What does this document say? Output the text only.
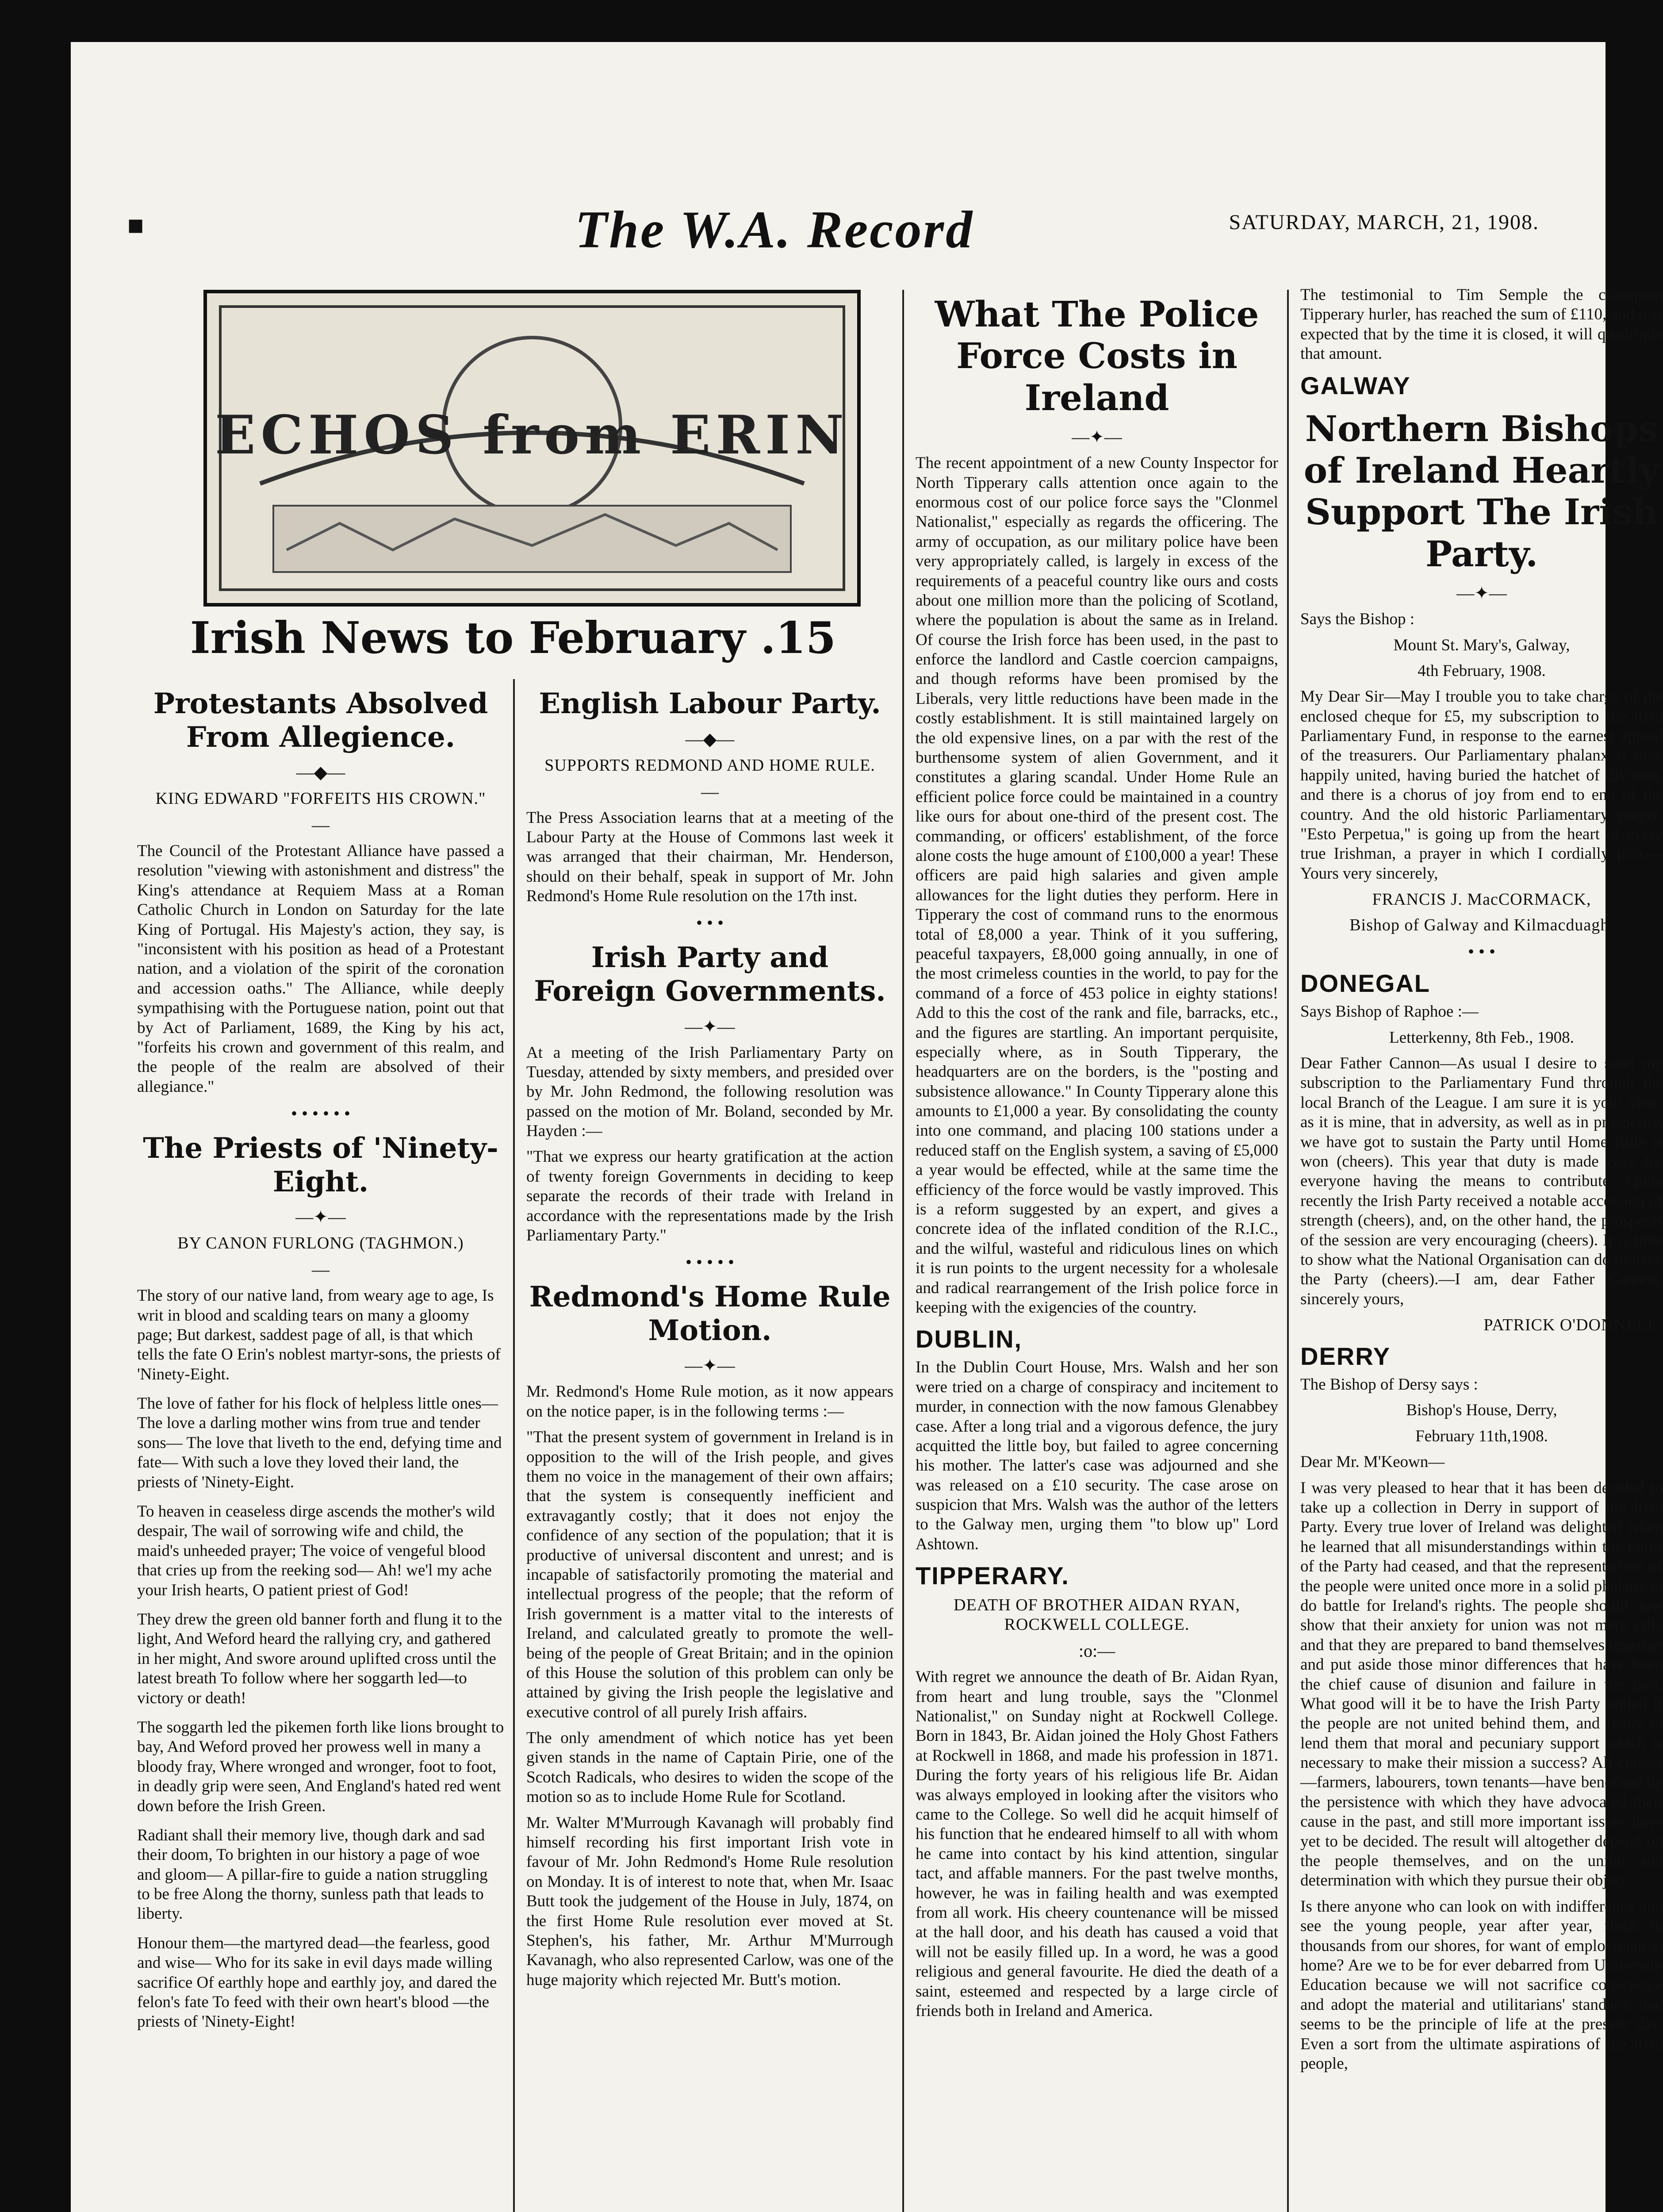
■	The W.A. Record	SATURDAY, MARCH, 21, 1908.
ECHOS from ERIN
Irish News to February .15
Protestants Absolved From Allegience.
―◆―
KING EDWARD "FORFEITS HIS CROWN."
—

The Council of the Protestant Alliance have passed a resolution "viewing with astonishment and distress" the King's attendance at Requiem Mass at a Roman Catholic Church in London on Saturday for the late King of Portugal. His Majesty's action, they say, is "inconsistent with his position as head of a Protestant nation, and a violation of the spirit of the coronation and accession oaths." The Alliance, while deeply sympathising with the Portuguese nation, point out that by Act of Parliament, 1689, the King by his act, "forfeits his crown and government of this realm, and the people of the realm are absolved of their allegiance."

• • • • • •
The Priests of 'Ninety-Eight.
―✦―
BY CANON FURLONG (TAGHMON.)
—

The story of our native land, from weary age to age, Is writ in blood and scalding tears on many a gloomy page; But darkest, saddest page of all, is that which tells the fate O Erin's noblest martyr-sons, the priests of 'Ninety-Eight.

The love of father for his flock of helpless little ones— The love a darling mother wins from true and tender sons— The love that liveth to the end, defying time and fate— With such a love they loved their land, the priests of 'Ninety-Eight.

To heaven in ceaseless dirge ascends the mother's wild despair, The wail of sorrowing wife and child, the maid's unheeded prayer; The voice of vengeful blood that cries up from the reeking sod— Ah! we'l my ache your Irish hearts, O patient priest of God!

They drew the green old banner forth and flung it to the light, And Weford heard the rallying cry, and gathered in her might, And swore around uplifted cross until the latest breath To follow where her soggarth led—to victory or death!

The soggarth led the pikemen forth like lions brought to bay, And Weford proved her prowess well in many a bloody fray, Where wronged and wronger, foot to foot, in deadly grip were seen, And England's hated red went down before the Irish Green.

Radiant shall their memory live, though dark and sad their doom, To brighten in our history a page of woe and gloom— A pillar-fire to guide a nation struggling to be free Along the thorny, sunless path that leads to liberty.

Honour them—the martyred dead—the fearless, good and wise— Who for its sake in evil days made willing sacrifice Of earthly hope and earthly joy, and dared the felon's fate To feed with their own heart's blood —the priests of 'Ninety-Eight!

English Labour Party.
―◆―
SUPPORTS REDMOND AND HOME RULE.
—

The Press Association learns that at a meeting of the Labour Party at the House of Commons last week it was arranged that their chairman, Mr. Henderson, should on their behalf, speak in support of Mr. John Redmond's Home Rule resolution on the 17th inst.

• • •
Irish Party and Foreign Governments.
―✦―

At a meeting of the Irish Parliamentary Party on Tuesday, attended by sixty members, and presided over by Mr. John Redmond, the following resolution was passed on the motion of Mr. Boland, seconded by Mr. Hayden :—

"That we express our hearty gratification at the action of twenty foreign Governments in deciding to keep separate the records of their trade with Ireland in accordance with the representations made by the Irish Parliamentary Party."

• • • • •
Redmond's Home Rule Motion.
―✦―

Mr. Redmond's Home Rule motion, as it now appears on the notice paper, is in the following terms :—

"That the present system of government in Ireland is in opposition to the will of the Irish people, and gives them no voice in the management of their own affairs; that the system is consequently inefficient and extravagantly costly; that it does not enjoy the confidence of any section of the population; that it is productive of universal discontent and unrest; and is incapable of satisfactorily promoting the material and intellectual progress of the people; that the reform of Irish government is a matter vital to the interests of Ireland, and calculated greatly to promote the well-being of the people of Great Britain; and in the opinion of this House the solution of this problem can only be attained by giving the Irish people the legislative and executive control of all purely Irish affairs.

The only amendment of which notice has yet been given stands in the name of Captain Pirie, one of the Scotch Radicals, who desires to widen the scope of the motion so as to include Home Rule for Scotland.

Mr. Walter M'Murrough Kavanagh will probably find himself recording his first important Irish vote in favour of Mr. John Redmond's Home Rule resolution on Monday. It is of interest to note that, when Mr. Isaac Butt took the judgement of the House in July, 1874, on the first Home Rule resolution ever moved at St. Stephen's, his father, Mr. Arthur M'Murrough Kavanagh, who also represented Carlow, was one of the huge majority which rejected Mr. Butt's motion.

What The Police Force Costs in Ireland
―✦―

The recent appointment of a new County Inspector for North Tipperary calls attention once again to the enormous cost of our police force says the "Clonmel Nationalist," especially as regards the officering. The army of occupation, as our military police have been very appropriately called, is largely in excess of the requirements of a peaceful country like ours and costs about one million more than the policing of Scotland, where the population is about the same as in Ireland. Of course the Irish force has been used, in the past to enforce the landlord and Castle coercion campaigns, and though reforms have been promised by the Liberals, very little reductions have been made in the costly establishment. It is still maintained largely on the old expensive lines, on a par with the rest of the burthensome system of alien Government, and it constitutes a glaring scandal. Under Home Rule an efficient police force could be maintained in a country like ours for about one-third of the present cost. The commanding, or officers' establishment, of the force alone costs the huge amount of £100,000 a year! These officers are paid high salaries and given ample allowances for the light duties they perform. Here in Tipperary the cost of command runs to the enormous total of £8,000 a year. Think of it you suffering, peaceful taxpayers, £8,000 going annually, in one of the most crimeless counties in the world, to pay for the command of a force of 453 police in eighty stations! Add to this the cost of the rank and file, barracks, etc., and the figures are startling. An important perquisite, especially where, as in South Tipperary, the headquarters are on the borders, is the "posting and subsistence allowance." In County Tipperary alone this amounts to £1,000 a year. By consolidating the county into one command, and placing 100 stations under a reduced staff on the English system, a saving of £5,000 a year would be effected, while at the same time the efficiency of the force would be vastly improved. This is a reform suggested by an expert, and gives a concrete idea of the inflated condition of the R.I.C., and the wilful, wasteful and ridiculous lines on which it is run points to the urgent necessity for a wholesale and radical rearrangement of the Irish police force in keeping with the exigencies of the country.

DUBLIN,

In the Dublin Court House, Mrs. Walsh and her son were tried on a charge of conspiracy and incitement to murder, in connection with the now famous Glenabbey case. After a long trial and a vigorous defence, the jury acquitted the little boy, but failed to agree concerning his mother. The latter's case was adjourned and she was released on a £10 security. The case arose on suspicion that Mrs. Walsh was the author of the letters to the Galway men, urging them "to blow up" Lord Ashtown.

TIPPERARY.
DEATH OF BROTHER AIDAN RYAN, ROCKWELL COLLEGE.
:o:—

With regret we announce the death of Br. Aidan Ryan, from heart and lung trouble, says the "Clonmel Nationalist," on Sunday night at Rockwell College. Born in 1843, Br. Aidan joined the Holy Ghost Fathers at Rockwell in 1868, and made his profession in 1871. During the forty years of his religious life Br. Aidan was always employed in looking after the visitors who came to the College. So well did he acquit himself of his function that he endeared himself to all with whom he came into contact by his kind attention, singular tact, and affable manners. For the past twelve months, however, he was in failing health and was exempted from all work. His cheery countenance will be missed at the hall door, and his death has caused a void that will not be easily filled up. In a word, he was a good religious and general favourite. He died the death of a saint, esteemed and respected by a large circle of friends both in Ireland and America.

The testimonial to Tim Semple the champion Tipperary hurler, has reached the sum of £110, and it is expected that by the time it is closed, it will quadruple that amount.

GALWAY
Northern Bishops of Ireland Heartly Support The Irish Party.
―✦―

Says the Bishop :

Mount St. Mary's, Galway,

4th February, 1908.

My Dear Sir—May I trouble you to take charge of the enclosed cheque for £5, my subscription to the Irish Parliamentary Fund, in response to the earnest appeal of the treasurers. Our Parliamentary phalanx is now happily united, having buried the hatchet of division, and there is a chorus of joy from end to end of the country. And the old historic Parliamentary prayer, "Esto Perpetua," is going up from the heart of every true Irishman, a prayer in which I cordially join.—Yours very sincerely,

FRANCIS J. MacCORMACK,
Bishop of Galway and Kilmacduagh.
• • •
DONEGAL

Says Bishop of Raphoe :—

Letterkenny, 8th Feb., 1908.

Dear Father Cannon—As usual I desire to send my subscription to the Parliamentary Fund through the local Branch of the League. I am sure it is your view, as it is mine, that in adversity, as well as in prosperity, we have got to sustain the Party until Home Rule is won (cheers). This year that duty is made easy for everyone having the means to contribute. Quite recently the Irish Party received a notable accession of strength (cheers), and, on the other hand, the prospects of the session are very encouraging (cheers). It is time to show what the National Organisation can do to back the Party (cheers).—I am, dear Father Cannon, sincerely yours,

PATRICK O'DONNELL.
DERRY

The Bishop of Dersy says :

Bishop's House, Derry,

February 11th,1908.

Dear Mr. M'Keown—

I was very pleased to hear that it has been decided to take up a collection in Derry in support of the Irish Party. Every true lover of Ireland was delighted when he learned that all misunderstandings within the ranks of the Party had ceased, and that the representatives of the people were united once more in a solid phalanx to do battle for Ireland's rights. The people should now show that their anxiety for union was not mere talk, and that they are prepared to band themselves together and put aside those minor differences that have been the chief cause of disunion and failure in the past. What good will it be to have the Irish Party united if the people are not united behind them, and ready to lend them that moral and pecuniary support which is necessary to make their mission a success? All classes—farmers, labourers, town tenants—have benefited by the persistence with which they have advocated their cause in the past, and still more important issues have yet to be decided. The result will altogether depend on the people themselves, and on the union and determination with which they pursue their object.

Is there anyone who can look on with indifference and see the young people, year after year, flock in thousands from our shores, for want of employment at home? Are we to be for ever debarred from University Education because we will not sacrifice conscience and adopt the material and utilitarians' standard, that seems to be the principle of life at the present day. Even a sort from the ultimate aspirations of the Irish people,
